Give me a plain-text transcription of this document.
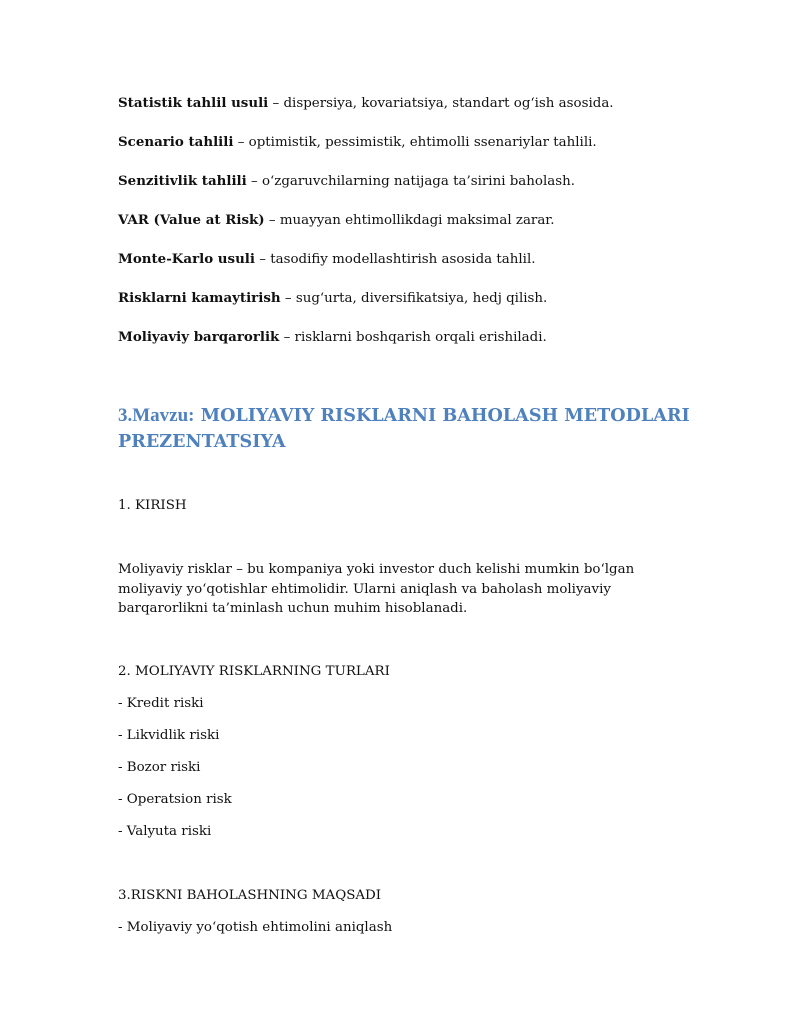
Statistik tahlil usuli – dispersiya, kovariatsiya, standart og‘ish asosida.

Scenario tahlili – optimistik, pessimistik, ehtimolli ssenariylar tahlili.

Senzitivlik tahlili – o‘zgaruvchilarning natijaga ta’sirini baholash.

VAR (Value at Risk) – muayyan ehtimollikdagi maksimal zarar.

Monte-Karlo usuli – tasodifiy modellashtirish asosida tahlil.

Risklarni kamaytirish – sug‘urta, diversifikatsiya, hedj qilish.

Moliyaviy barqarorlik – risklarni boshqarish orqali erishiladi.

3.Mavzu: MOLIYAVIY RISKLARNI BAHOLASH METODLARI PREZENTATSIYA

1. KIRISH

Moliyaviy risklar – bu kompaniya yoki investor duch kelishi mumkin bo‘lgan moliyaviy yo‘qotishlar ehtimolidir. Ularni aniqlash va baholash moliyaviy barqarorlikni ta’minlash uchun muhim hisoblanadi.

2. MOLIYAVIY RISKLARNING TURLARI

- Kredit riski

- Likvidlik riski

- Bozor riski

- Operatsion risk

- Valyuta riski

3.RISKNI BAHOLASHNING MAQSADI

- Moliyaviy yo‘qotish ehtimolini aniqlash
